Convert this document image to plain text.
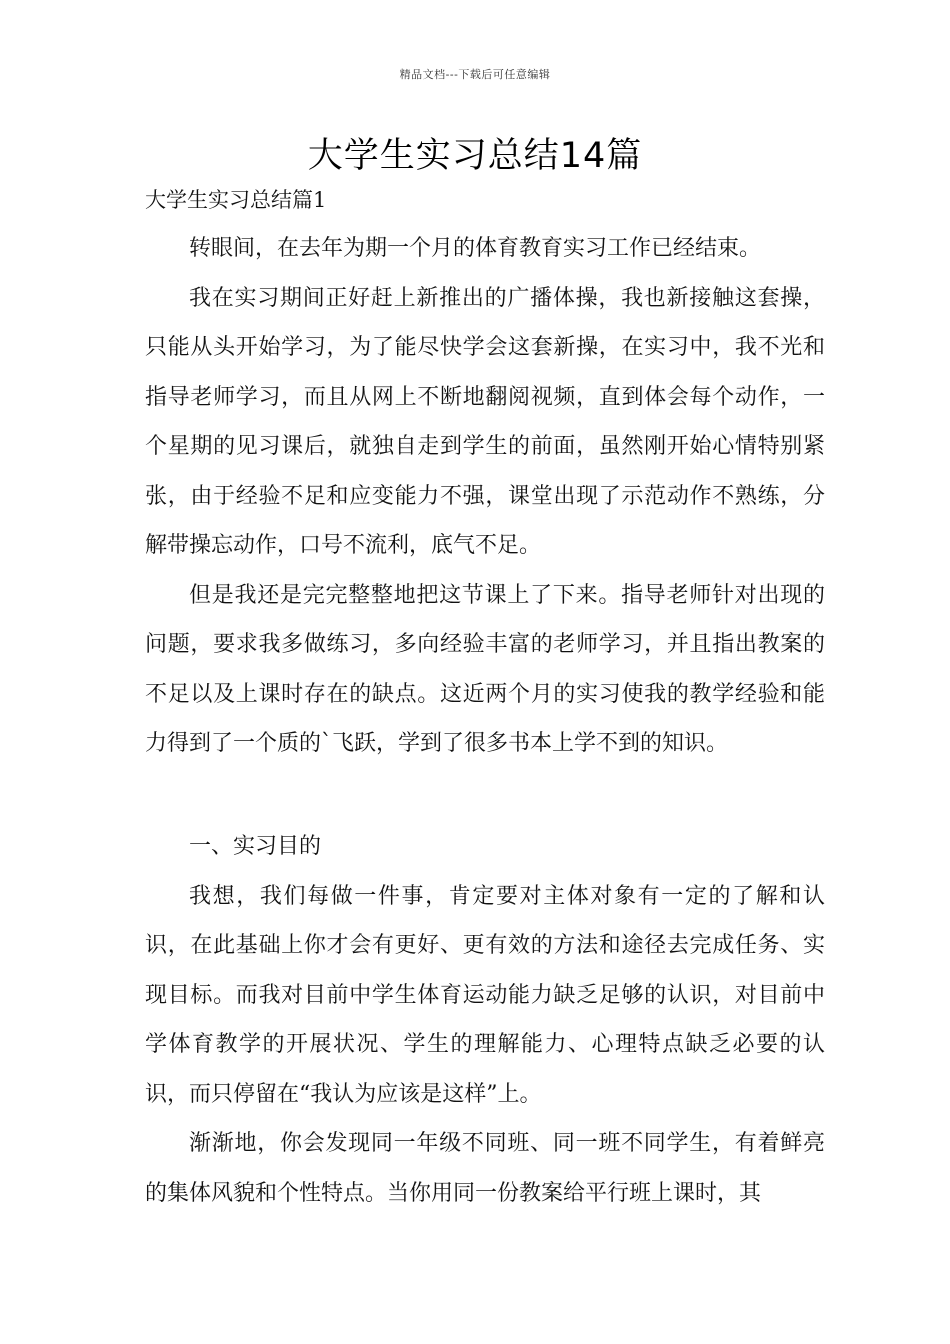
精品文档---下载后可任意编辑
大学生实习总结14篇
大学生实习总结篇1

转眼间，在去年为期一个月的体育教育实习工作已经结束。

我在实习期间正好赶上新推出的广播体操，我也新接触这套操，只能从头开始学习，为了能尽快学会这套新操，在实习中，我不光和指导老师学习，而且从网上不断地翻阅视频，直到体会每个动作，一个星期的见习课后，就独自走到学生的前面，虽然刚开始心情特别紧张，由于经验不足和应变能力不强，课堂出现了示范动作不熟练，分解带操忘动作，口号不流利，底气不足。

但是我还是完完整整地把这节课上了下来。指导老师针对出现的问题，要求我多做练习，多向经验丰富的老师学习，并且指出教案的不足以及上课时存在的缺点。这近两个月的实习使我的教学经验和能力得到了一个质的`飞跃，学到了很多书本上学不到的知识。

一、实习目的

我想，我们每做一件事，肯定要对主体对象有一定的了解和认识，在此基础上你才会有更好、更有效的方法和途径去完成任务、实现目标。而我对目前中学生体育运动能力缺乏足够的认识，对目前中学体育教学的开展状况、学生的理解能力、心理特点缺乏必要的认识，而只停留在“我认为应该是这样”上。

渐渐地，你会发现同一年级不同班、同一班不同学生，有着鲜亮的集体风貌和个性特点。当你用同一份教案给平行班上课时，其
